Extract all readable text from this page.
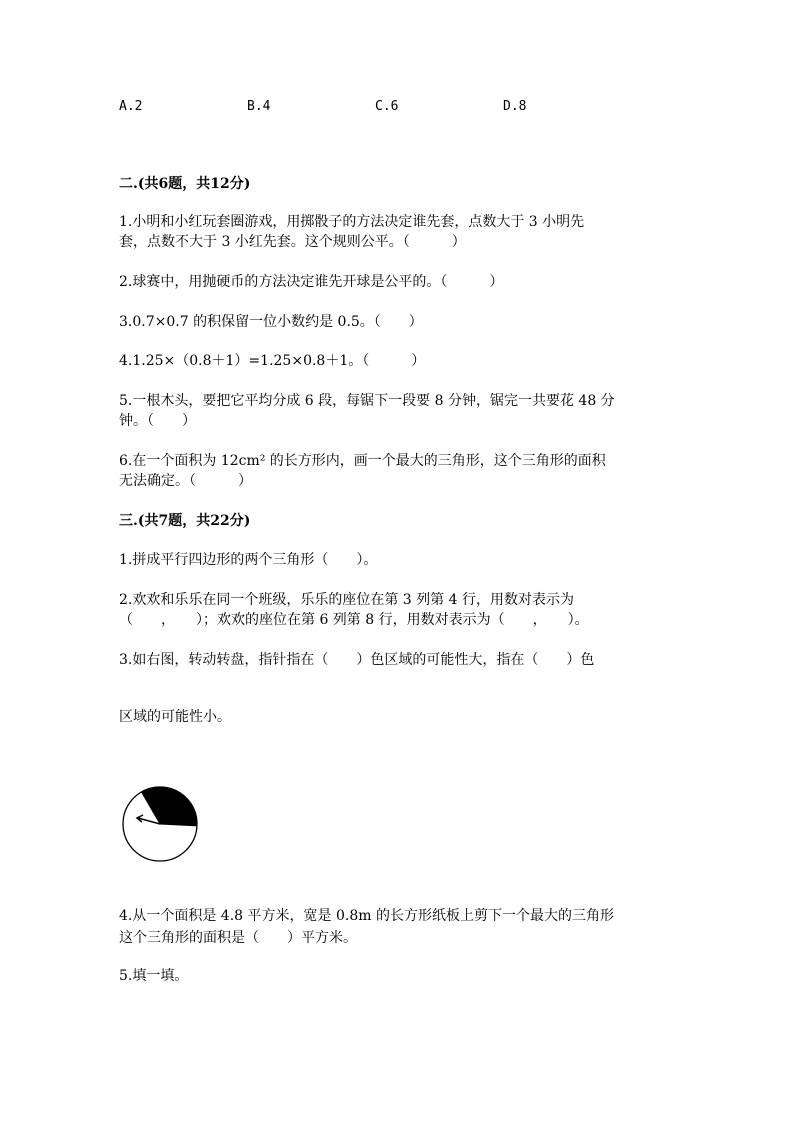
A.2	B.4	C.6	D.8
二.(共6题，共12分)
1.小明和小红玩套圈游戏，用掷骰子的方法决定谁先套，点数大于 3 小明先
套，点数不大于 3 小红先套。这个规则公平。（　　　）
2.球赛中，用抛硬币的方法决定谁先开球是公平的。（　　　）
3.0.7×0.7 的积保留一位小数约是 0.5。（　　）
4.1.25×（0.8＋1）=1.25×0.8＋1。（　　　）
5.一根木头，要把它平均分成 6 段，每锯下一段要 8 分钟，锯完一共要花 48 分
钟。（　　）
6.在一个面积为 12cm² 的长方形内，画一个最大的三角形，这个三角形的面积
无法确定。（　　　）
三.(共7题，共22分)
1.拼成平行四边形的两个三角形（　　）。
2.欢欢和乐乐在同一个班级，乐乐的座位在第 3 列第 4 行，用数对表示为
（　　，　　）；欢欢的座位在第 6 列第 8 行，用数对表示为（　　，　　）。
3.如右图，转动转盘，指针指在（　　）色区域的可能性大，指在（　　）色
区域的可能性小。
4.从一个面积是 4.8 平方米，宽是 0.8m 的长方形纸板上剪下一个最大的三角形
这个三角形的面积是（　　）平方米。
5.填一填。
